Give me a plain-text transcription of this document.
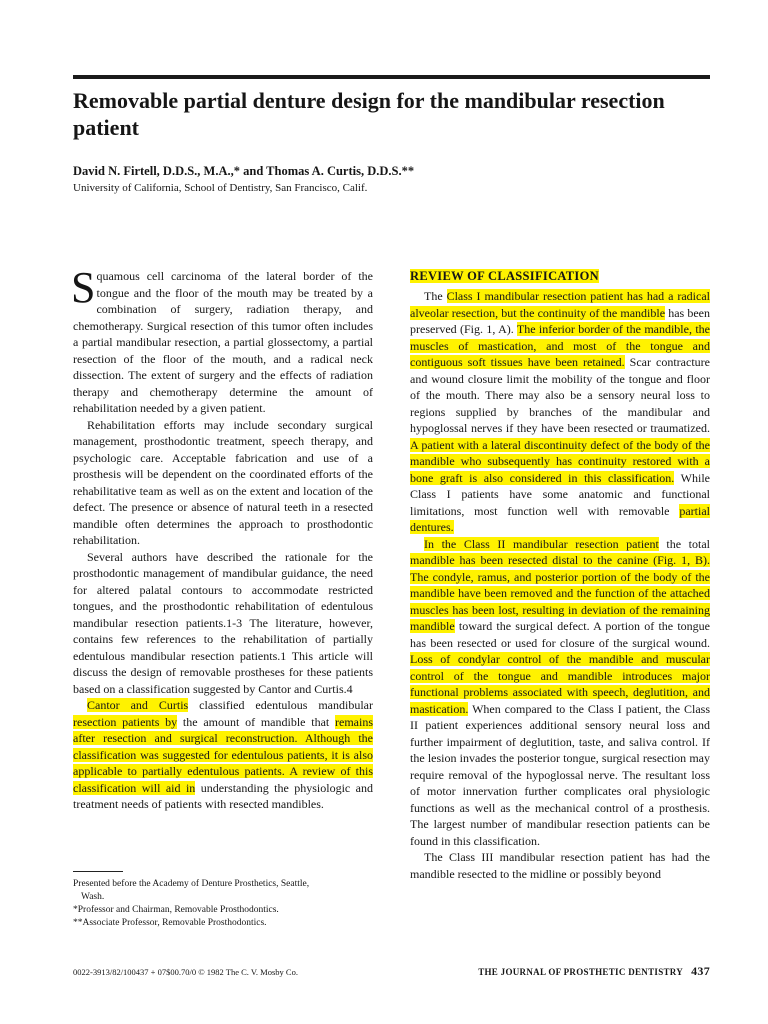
Removable partial denture design for the mandibular resection patient
David N. Firtell, D.D.S., M.A.,* and Thomas A. Curtis, D.D.S.**
University of California, School of Dentistry, San Francisco, Calif.

Squamous cell carcinoma of the lateral border of the tongue and the floor of the mouth may be treated by a combination of surgery, radiation therapy, and chemotherapy. Surgical resection of this tumor often includes a partial mandibular resection, a partial glossectomy, a partial resection of the floor of the mouth, and a radical neck dissection. The extent of surgery and the effects of radiation therapy and chemotherapy determine the amount of rehabilitation needed by a given patient.

Rehabilitation efforts may include secondary surgical management, prosthodontic treatment, speech therapy, and psychologic care. Acceptable fabrication and use of a prosthesis will be dependent on the coordinated efforts of the rehabilitative team as well as on the extent and location of the defect. The presence or absence of natural teeth in a resected mandible often determines the approach to prosthodontic rehabilitation.

Several authors have described the rationale for the prosthodontic management of mandibular guidance, the need for altered palatal contours to accommodate restricted tongues, and the prosthodontic rehabilitation of edentulous mandibular resection patients.1-3 The literature, however, contains few references to the rehabilitation of partially edentulous mandibular resection patients.1 This article will discuss the design of removable prostheses for these patients based on a classification suggested by Cantor and Curtis.4

Cantor and Curtis classified edentulous mandibular resection patients by the amount of mandible that remains after resection and surgical reconstruction. Although the classification was suggested for edentulous patients, it is also applicable to partially edentulous patients. A review of this classification will aid in understanding the physiologic and treatment needs of patients with resected mandibles.

REVIEW OF CLASSIFICATION

The Class I mandibular resection patient has had a radical alveolar resection, but the continuity of the mandible has been preserved (Fig. 1, A). The inferior border of the mandible, the muscles of mastication, and most of the tongue and contiguous soft tissues have been retained. Scar contracture and wound closure limit the mobility of the tongue and floor of the mouth. There may also be a sensory neural loss to regions supplied by branches of the mandibular and hypoglossal nerves if they have been resected or traumatized. A patient with a lateral discontinuity defect of the body of the mandible who subsequently has continuity restored with a bone graft is also considered in this classification. While Class I patients have some anatomic and functional limitations, most function well with removable partial dentures.

In the Class II mandibular resection patient the total mandible has been resected distal to the canine (Fig. 1, B). The condyle, ramus, and posterior portion of the body of the mandible have been removed and the function of the attached muscles has been lost, resulting in deviation of the remaining mandible toward the surgical defect. A portion of the tongue has been resected or used for closure of the surgical wound. Loss of condylar control of the mandible and muscular control of the tongue and mandible introduces major functional problems associated with speech, deglutition, and mastication. When compared to the Class I patient, the Class II patient experiences additional sensory neural loss and further impairment of deglutition, taste, and saliva control. If the lesion invades the posterior tongue, surgical resection may require removal of the hypoglossal nerve. The resultant loss of motor innervation further complicates oral physiologic functions as well as the mechanical control of a prosthesis. The largest number of mandibular resection patients can be found in this classification.

The Class III mandibular resection patient has had the mandible resected to the midline or possibly beyond

Presented before the Academy of Denture Prosthetics, Seattle,
Wash.
*Professor and Chairman, Removable Prosthodontics.
**Associate Professor, Removable Prosthodontics.
0022-3913/82/100437 + 07$00.70/0 © 1982 The C. V. Mosby Co.	THE JOURNAL OF PROSTHETIC DENTISTRY 437
